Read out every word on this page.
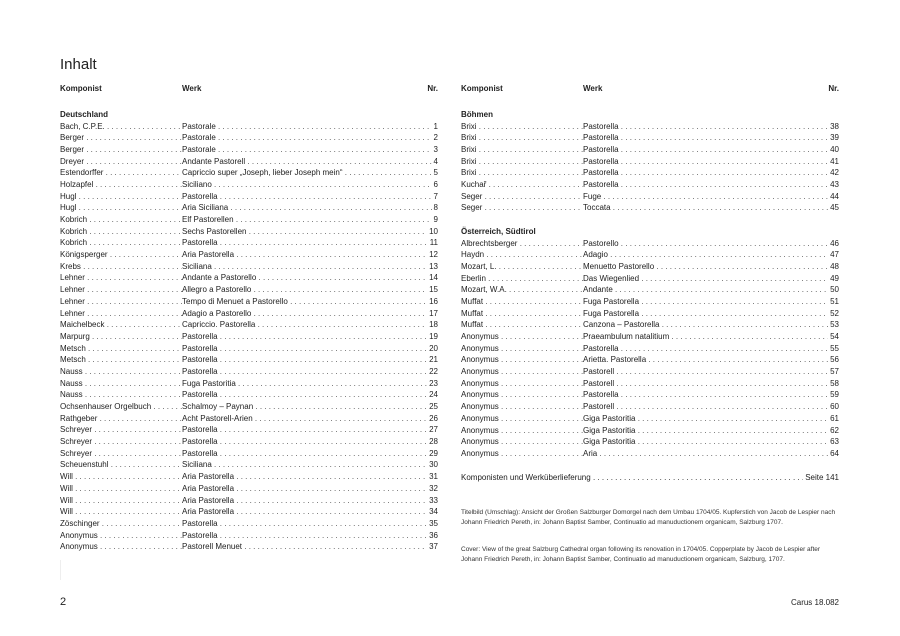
Inhalt
Komponist	Werk	Nr.
Deutschland
Bach, C.P.E. . . .	Pastorale . . .	1
Berger . . .	Pastorale . . .	2
Berger . . .	Pastorale . . .	3
Dreyer . . .	Andante Pastorell . . .	4
Estendorffer . . .	Capriccio super „Joseph, lieber Joseph mein“ . . .	5
Holzapfel . . .	Siciliano . . .	6
Hugl . . .	Pastorella . . .	7
Hugl . . .	Aria Siciliana . . .	8
Kobrich . . .	Elf Pastorellen . . .	9
Kobrich . . .	Sechs Pastorellen . . .	10
Kobrich . . .	Pastorella . . .	11
Königsperger . . .	Aria Pastorella . . .	12
Krebs . . .	Siciliana . . .	13
Lehner . . .	Andante a Pastorello . . .	14
Lehner . . .	Allegro a Pastorello . . .	15
Lehner . . .	Tempo di Menuet a Pastorello . . .	16
Lehner . . .	Adagio a Pastorello . . .	17
Maichelbeck . . .	Capriccio. Pastorella . . .	18
Marpurg . . .	Pastorella . . .	19
Metsch . . .	Pastorella . . .	20
Metsch . . .	Pastorella . . .	21
Nauss . . .	Pastorella . . .	22
Nauss . . .	Fuga Pastoritia . . .	23
Nauss . . .	Pastorella . . .	24
Ochsenhauser Orgelbuch . . .	Schalmoy – Paynan . . .	25
Rathgeber . . .	Acht Pastorell-Arien . . .	26
Schreyer . . .	Pastorella . . .	27
Schreyer . . .	Pastorella . . .	28
Schreyer . . .	Pastorella . . .	29
Scheuenstuhl . . .	Siciliana . . .	30
Will . . .	Aria Pastorella . . .	31
Will . . .	Aria Pastorella . . .	32
Will . . .	Aria Pastorella . . .	33
Will . . .	Aria Pastorella . . .	34
Zöschinger . . .	Pastorella . . .	35
Anonymus . . .	Pastorella . . .	36
Anonymus . . .	Pastorell Menuet . . .	37
Komponist	Werk	Nr.
Böhmen
Brixi . . .	Pastorella . . .	38
Brixi . . .	Pastorella . . .	39
Brixi . . .	Pastorella . . .	40
Brixi . . .	Pastorella . . .	41
Brixi . . .	Pastorella . . .	42
Kuchař . . .	Pastorella . . .	43
Seger . . .	Fuge . . .	44
Seger . . .	Toccata . . .	45
Österreich, Südtirol
Albrechtsberger . . .	Pastorello . . .	46
Haydn . . .	Adagio . . .	47
Mozart, L. . . .	Menuetto Pastorello . . .	48
Eberlin . . .	Das Wiegenlied . . .	49
Mozart, W.A. . . .	Andante . . .	50
Muffat . . .	Fuga Pastorella . . .	51
Muffat . . .	Fuga Pastorella . . .	52
Muffat . . .	Canzona – Pastorella . . .	53
Anonymus . . .	Praeambulum natalitium . . .	54
Anonymus . . .	Pastorella . . .	55
Anonymus . . .	Arietta. Pastorella . . .	56
Anonymus . . .	Pastorell . . .	57
Anonymus . . .	Pastorell . . .	58
Anonymus . . .	Pastorella . . .	59
Anonymus . . .	Pastorell . . .	60
Anonymus . . .	Giga Pastoritia . . .	61
Anonymus . . .	Giga Pastoritia . . .	62
Anonymus . . .	Giga Pastoritia . . .	63
Anonymus . . .	Aria . . .	64
Komponisten und Werküberlieferung . . .	Seite 141
Titelbild (Umschlag): Ansicht der Großen Salzburger Domorgel nach dem Umbau 1704/05. Kupferstich von Jacob de Lespier nach Johann Friedrich Pereth, in: Johann Baptist Samber, Continuatio ad manuductionem organicam, Salzburg 1707.
Cover: View of the great Salzburg Cathedral organ following its renovation in 1704/05. Copperplate by Jacob de Lespier after Johann Friedrich Pereth, in: Johann Baptist Samber, Continuatio ad manuductionem organicam, Salzburg, 1707.
2	Carus 18.082
